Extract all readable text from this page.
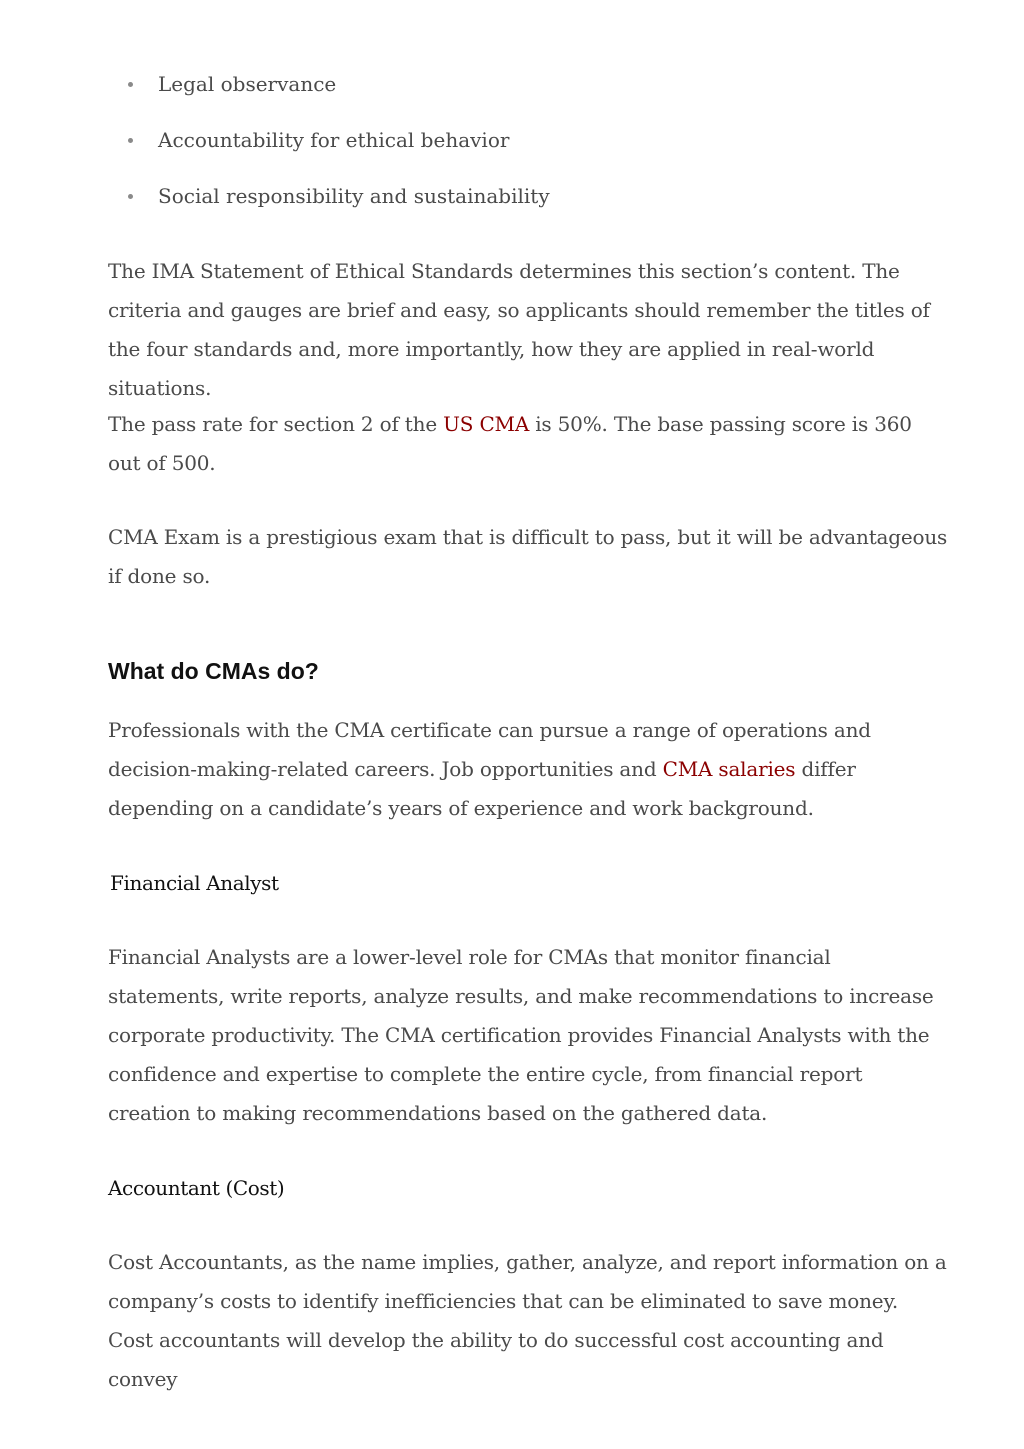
Legal observance
Accountability for ethical behavior
Social responsibility and sustainability

The IMA Statement of Ethical Standards determines this section’s content. The criteria and gauges are brief and easy, so applicants should remember the titles of the four standards and, more importantly, how they are applied in real-world situations.

The pass rate for section 2 of the US CMA is 50%. The base passing score is 360 out of 500.

CMA Exam is a prestigious exam that is difficult to pass, but it will be advantageous if done so.

What do CMAs do?

Professionals with the CMA certificate can pursue a range of operations and decision-making-related careers. Job opportunities and CMA salaries differ depending on a candidate’s years of experience and work background.

Financial Analyst

Financial Analysts are a lower-level role for CMAs that monitor financial statements, write reports, analyze results, and make recommendations to increase corporate productivity. The CMA certification provides Financial Analysts with the confidence and expertise to complete the entire cycle, from financial report creation to making recommendations based on the gathered data.

Accountant (Cost)

Cost Accountants, as the name implies, gather, analyze, and report information on a company’s costs to identify inefficiencies that can be eliminated to save money. Cost accountants will develop the ability to do successful cost accounting and convey
